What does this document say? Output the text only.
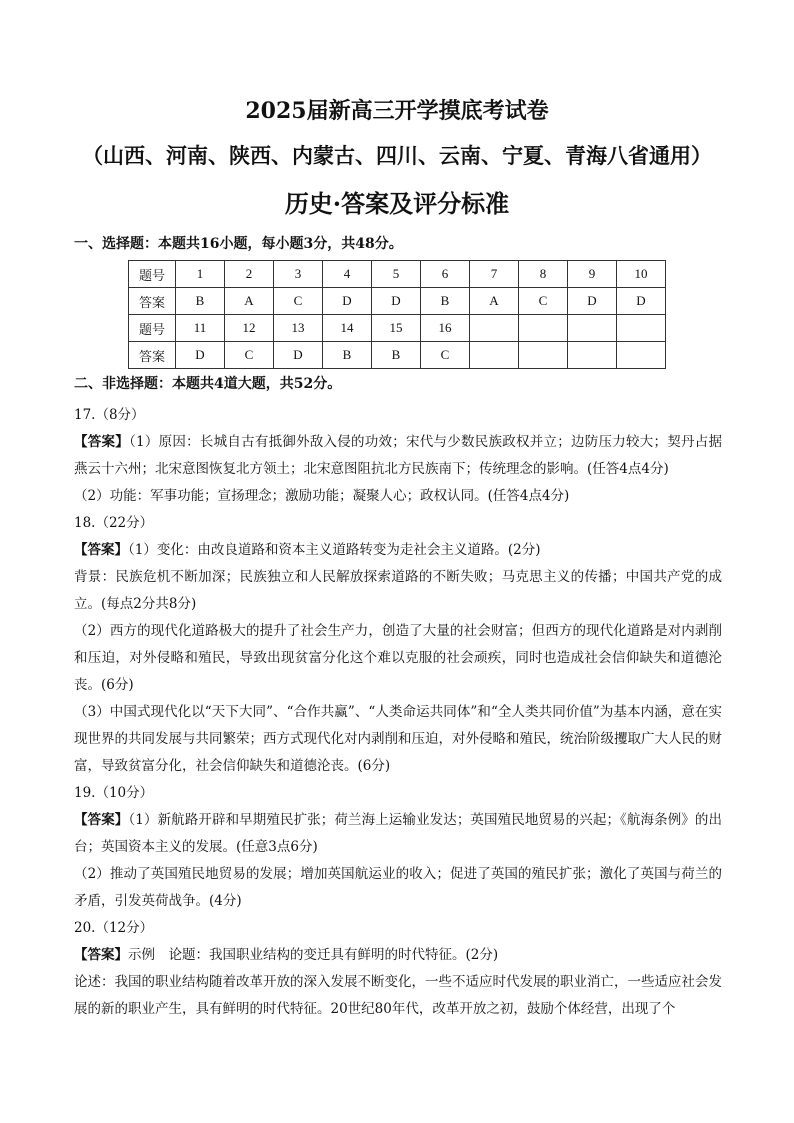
2025届新高三开学摸底考试卷
（山西、河南、陕西、内蒙古、四川、云南、宁夏、青海八省通用）
历史·答案及评分标准
一、选择题：本题共16小题，每小题3分，共48分。
题号	1	2	3	4	5	6	7	8	9	10
答案	B	A	C	D	D	B	A	C	D	D
题号	11	12	13	14	15	16				
答案	D	C	D	B	B	C				
二、非选择题：本题共4道大题，共52分。

17.（8分）

【答案】（1）原因：长城自古有抵御外敌入侵的功效；宋代与少数民族政权并立；边防压力较大；契丹占据燕云十六州；北宋意图恢复北方领土；北宋意图阻抗北方民族南下；传统理念的影响。(任答4点4分)

（2）功能：军事功能；宣扬理念；激励功能；凝聚人心；政权认同。(任答4点4分)

18.（22分）

【答案】（1）变化：由改良道路和资本主义道路转变为走社会主义道路。(2分)

背景：民族危机不断加深；民族独立和人民解放探索道路的不断失败；马克思主义的传播；中国共产党的成立。(每点2分共8分)

（2）西方的现代化道路极大的提升了社会生产力，创造了大量的社会财富；但西方的现代化道路是对内剥削和压迫，对外侵略和殖民，导致出现贫富分化这个难以克服的社会顽疾，同时也造成社会信仰缺失和道德沦丧。(6分)

（3）中国式现代化以“天下大同”、“合作共赢”、“人类命运共同体”和“全人类共同价值”为基本内涵，意在实现世界的共同发展与共同繁荣；西方式现代化对内剥削和压迫，对外侵略和殖民，统治阶级攫取广大人民的财富，导致贫富分化，社会信仰缺失和道德沦丧。(6分)

19.（10分）

【答案】（1）新航路开辟和早期殖民扩张；荷兰海上运输业发达；英国殖民地贸易的兴起；《航海条例》的出台；英国资本主义的发展。(任意3点6分)

（2）推动了英国殖民地贸易的发展；增加英国航运业的收入；促进了英国的殖民扩张；激化了英国与荷兰的矛盾，引发英荷战争。(4分)

20.（12分）

【答案】示例　论题：我国职业结构的变迁具有鲜明的时代特征。(2分)

论述：我国的职业结构随着改革开放的深入发展不断变化，一些不适应时代发展的职业消亡，一些适应社会发展的新的职业产生，具有鲜明的时代特征。20世纪80年代，改革开放之初，鼓励个体经营，出现了个
